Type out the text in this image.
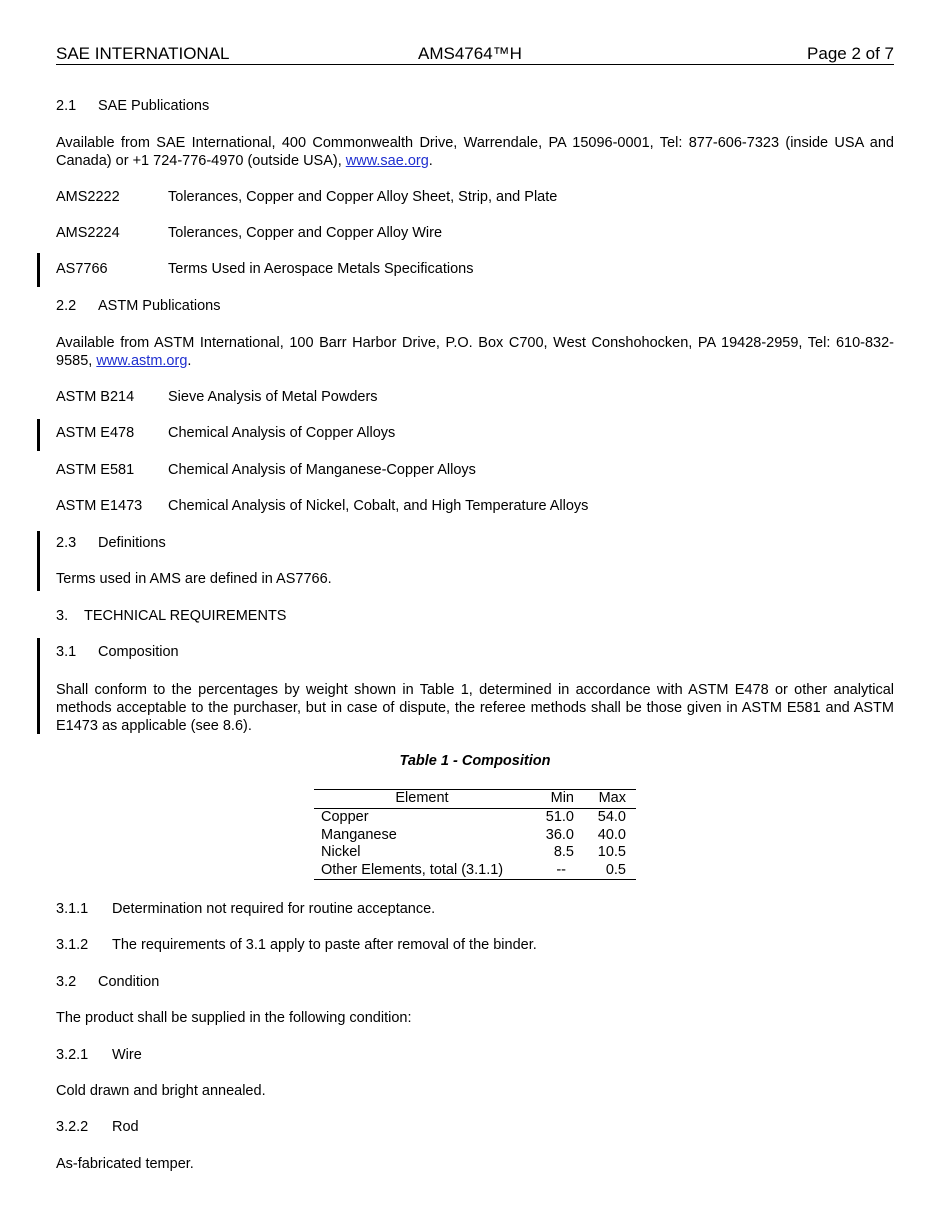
SAE INTERNATIONAL	AMS4764™H	Page 2 of 7
2.1 SAE Publications
Available from SAE International, 400 Commonwealth Drive, Warrendale, PA 15096-0001, Tel: 877-606-7323 (inside USA and Canada) or +1 724-776-4970 (outside USA), www.sae.org.
AMS2222	Tolerances, Copper and Copper Alloy Sheet, Strip, and Plate
AMS2224	Tolerances, Copper and Copper Alloy Wire
AS7766	Terms Used in Aerospace Metals Specifications
2.2 ASTM Publications
Available from ASTM International, 100 Barr Harbor Drive, P.O. Box C700, West Conshohocken, PA 19428-2959, Tel: 610-832-9585, www.astm.org.
ASTM B214 Sieve Analysis of Metal Powders
ASTM E478 Chemical Analysis of Copper Alloys
ASTM E581 Chemical Analysis of Manganese-Copper Alloys
ASTM E1473 Chemical Analysis of Nickel, Cobalt, and High Temperature Alloys
2.3 Definitions
Terms used in AMS are defined in AS7766.
3. TECHNICAL REQUIREMENTS
3.1 Composition
Shall conform to the percentages by weight shown in Table 1, determined in accordance with ASTM E478 or other analytical methods acceptable to the purchaser, but in case of dispute, the referee methods shall be those given in ASTM E581 and ASTM E1473 as applicable (see 8.6).
Table 1 - Composition
Element	Min Max
Copper	51.0 54.0
Manganese	36.0 40.0
Nickel	8.5 10.5
Other Elements, total (3.1.1)	--	0.5
3.1.1 Determination not required for routine acceptance.
3.1.2 The requirements of 3.1 apply to paste after removal of the binder.
3.2 Condition
The product shall be supplied in the following condition:
3.2.1 Wire
Cold drawn and bright annealed.
3.2.2 Rod
As-fabricated temper.
